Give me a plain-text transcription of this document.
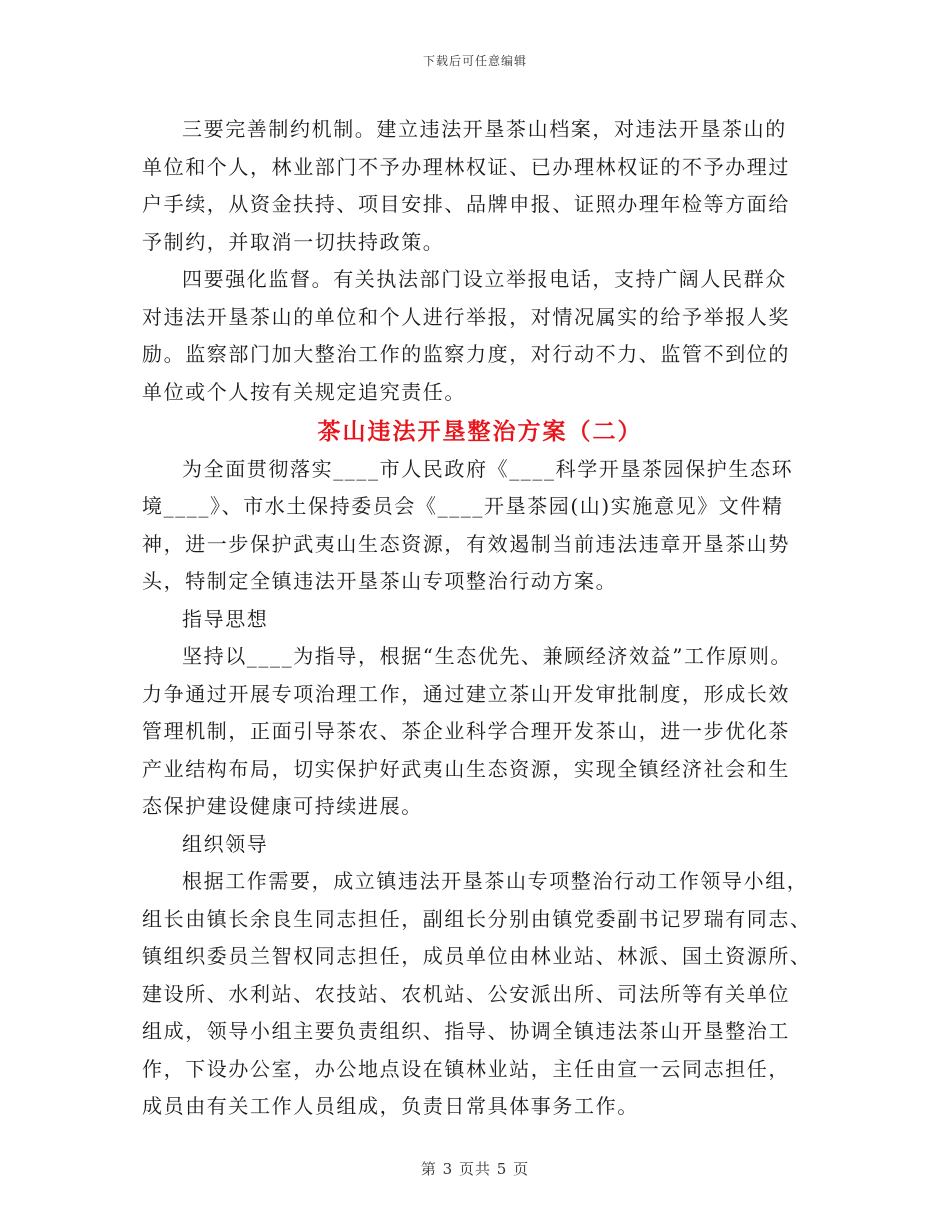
下载后可任意编辑

三要完善制约机制。建立违法开垦茶山档案，对违法开垦茶山的
单位和个人，林业部门不予办理林权证、已办理林权证的不予办理过
户手续，从资金扶持、项目安排、品牌申报、证照办理年检等方面给
予制约，并取消一切扶持政策。

四要强化监督。有关执法部门设立举报电话，支持广阔人民群众
对违法开垦茶山的单位和个人进行举报，对情况属实的给予举报人奖
励。监察部门加大整治工作的监察力度，对行动不力、监管不到位的
单位或个人按有关规定追究责任。

茶山违法开垦整治方案（二）

为全面贯彻落实____市人民政府《____科学开垦茶园保护生态环
境____》、市水土保持委员会《____开垦茶园(山)实施意见》文件精
神，进一步保护武夷山生态资源，有效遏制当前违法违章开垦茶山势
头，特制定全镇违法开垦茶山专项整治行动方案。

指导思想

坚持以____为指导，根据“生态优先、兼顾经济效益”工作原则。
力争通过开展专项治理工作，通过建立茶山开发审批制度，形成长效
管理机制，正面引导茶农、茶企业科学合理开发茶山，进一步优化茶
产业结构布局，切实保护好武夷山生态资源，实现全镇经济社会和生
态保护建设健康可持续进展。

组织领导

根据工作需要，成立镇违法开垦茶山专项整治行动工作领导小组，
组长由镇长余良生同志担任，副组长分别由镇党委副书记罗瑞有同志、
镇组织委员兰智权同志担任，成员单位由林业站、林派、国土资源所、
建设所、水利站、农技站、农机站、公安派出所、司法所等有关单位
组成，领导小组主要负责组织、指导、协调全镇违法茶山开垦整治工
作，下设办公室，办公地点设在镇林业站，主任由宣一云同志担任，
成员由有关工作人员组成，负责日常具体事务工作。

第 3 页共 5 页
